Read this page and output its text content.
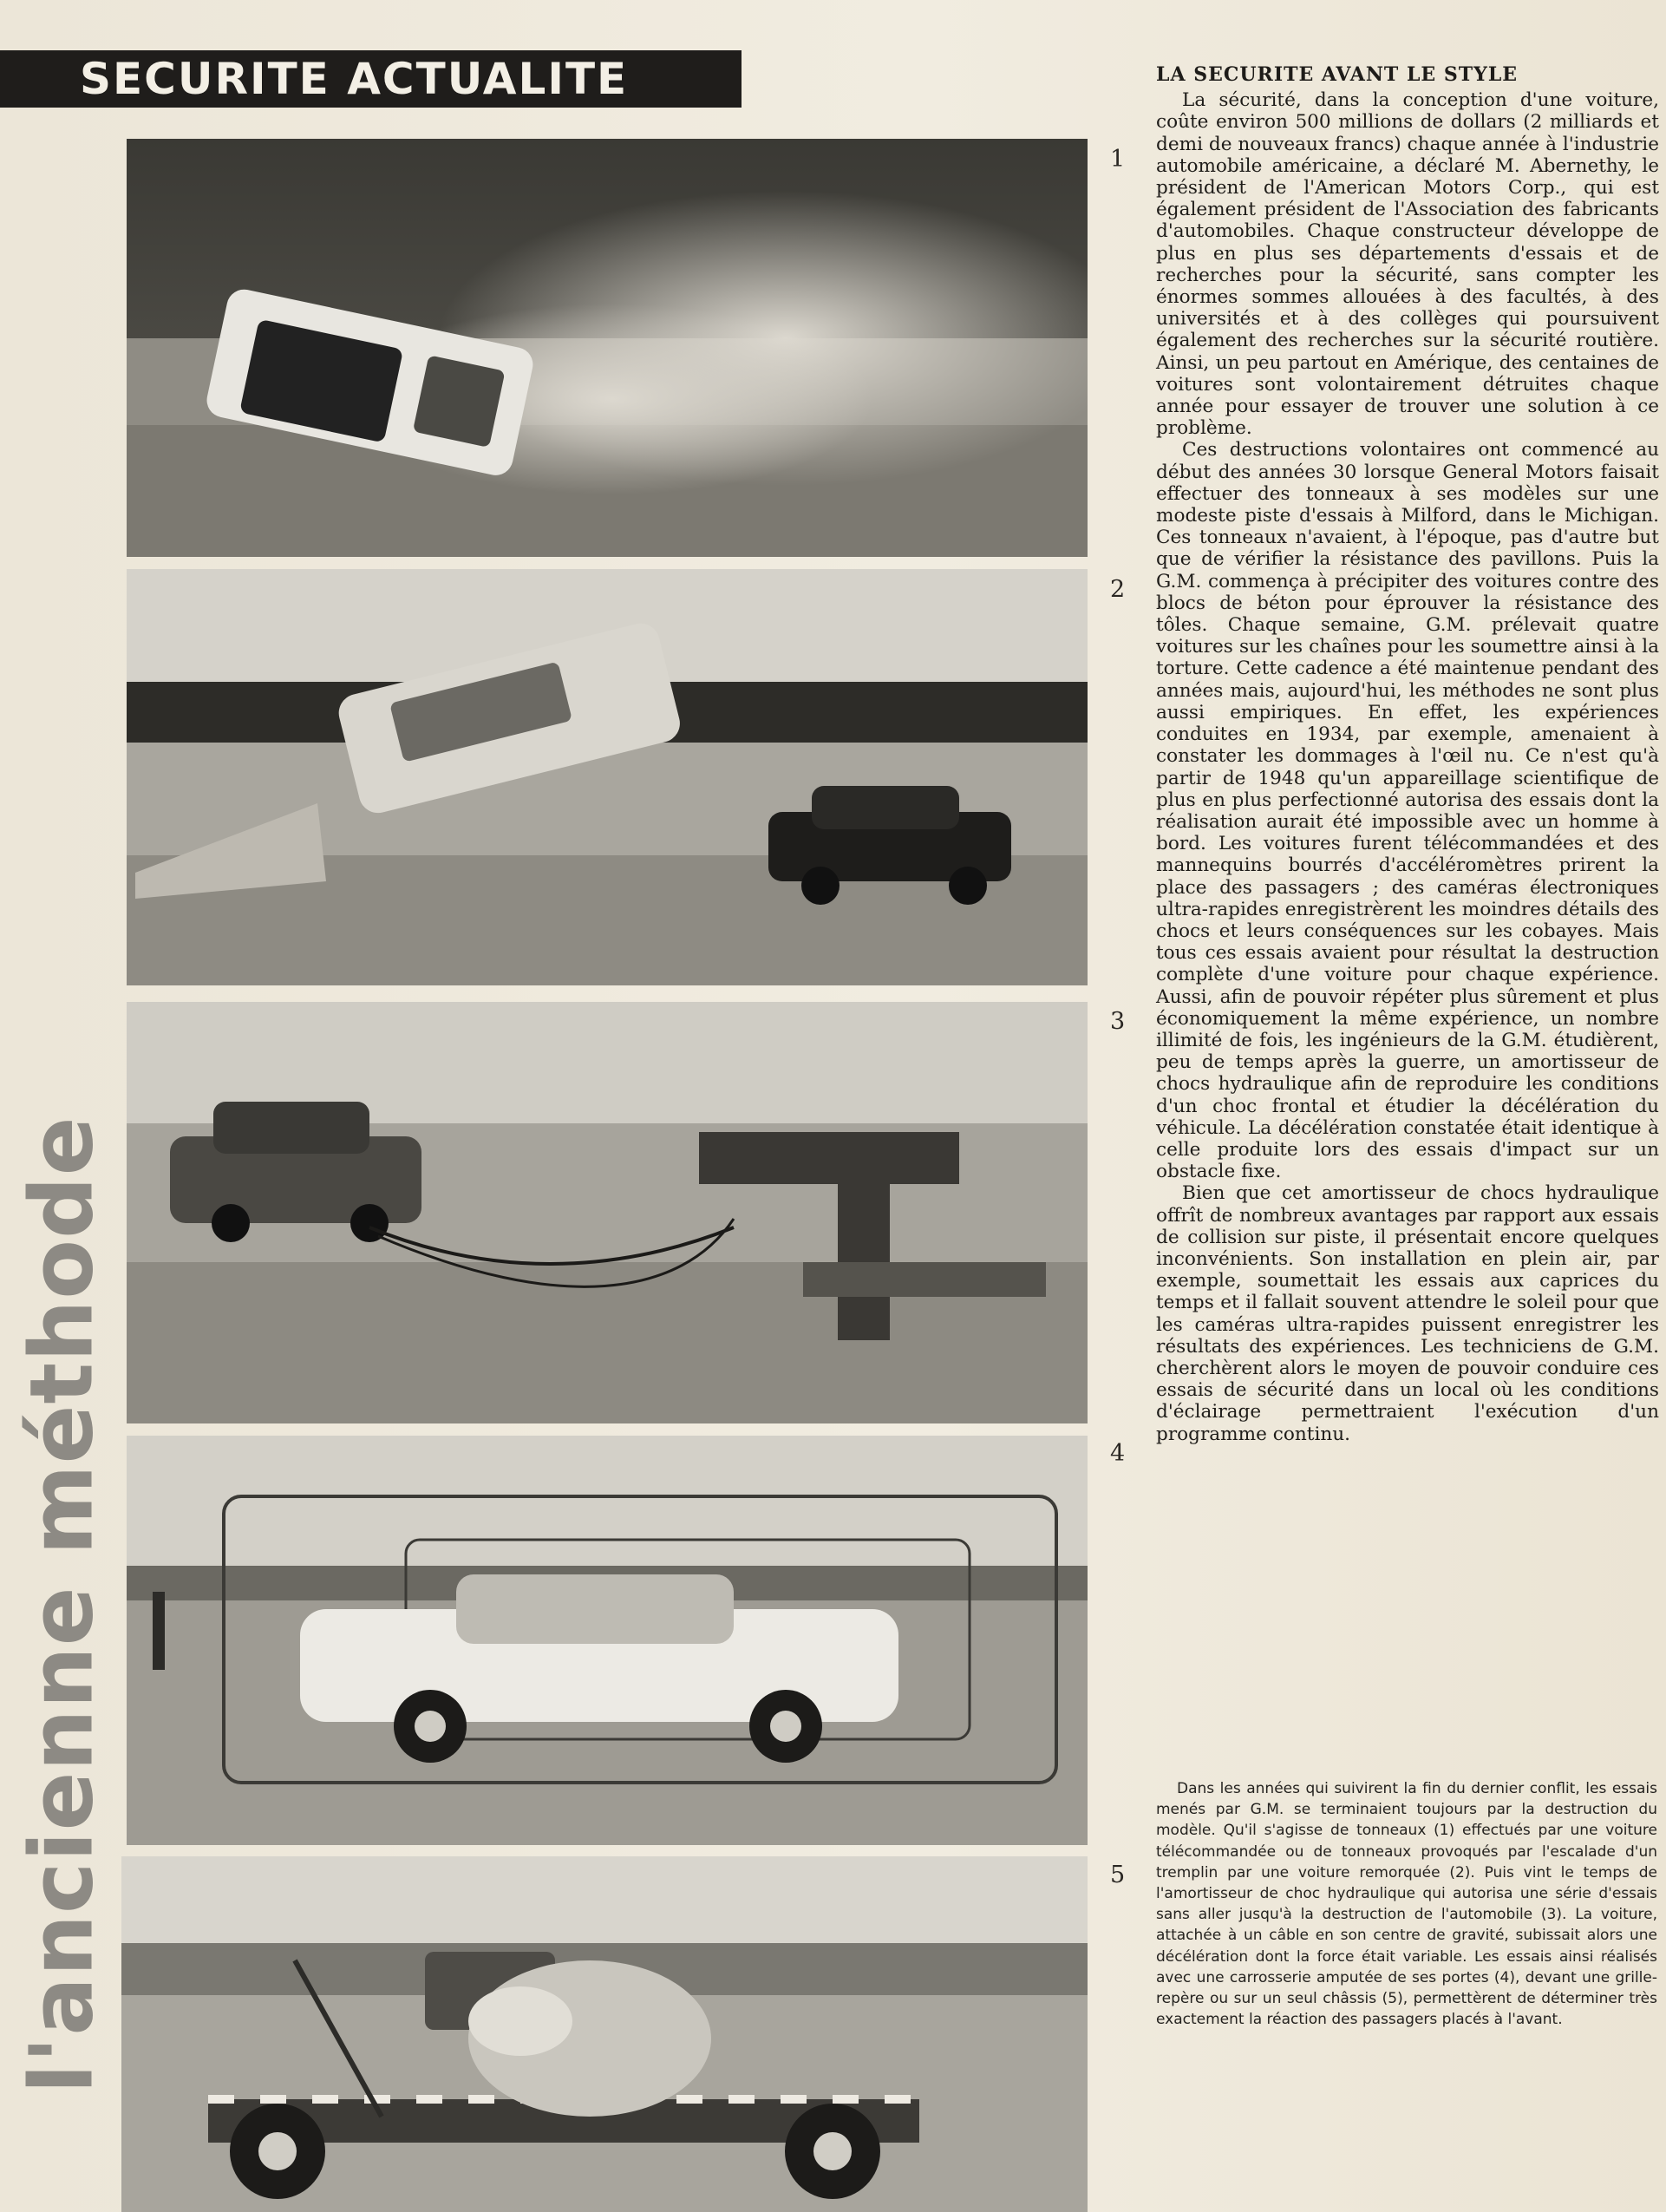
SECURITE ACTUALITE
l'ancienne méthode
1
2
3
4
5
LA SECURITE AVANT LE STYLE

La sécurité, dans la conception d'une voiture, coûte environ 500 millions de dollars (2 milliards et demi de nouveaux francs) chaque année à l'industrie automobile américaine, a déclaré M. Abernethy, le président de l'American Motors Corp., qui est également président de l'Association des fabricants d'automobiles. Chaque constructeur développe de plus en plus ses départements d'essais et de recherches pour la sécurité, sans compter les énormes sommes allouées à des facultés, à des universités et à des collèges qui poursuivent également des recherches sur la sécurité routière. Ainsi, un peu partout en Amérique, des centaines de voitures sont volontairement détruites chaque année pour essayer de trouver une solution à ce problème.

Ces destructions volontaires ont commencé au début des années 30 lorsque General Motors faisait effectuer des tonneaux à ses modèles sur une modeste piste d'essais à Milford, dans le Michigan. Ces tonneaux n'avaient, à l'époque, pas d'autre but que de vérifier la résistance des pavillons. Puis la G.M. commença à précipiter des voitures contre des blocs de béton pour éprouver la résistance des tôles. Chaque semaine, G.M. prélevait quatre voitures sur les chaînes pour les soumettre ainsi à la torture. Cette cadence a été maintenue pendant des années mais, aujourd'hui, les méthodes ne sont plus aussi empiriques. En effet, les expériences conduites en 1934, par exemple, amenaient à constater les dommages à l'œil nu. Ce n'est qu'à partir de 1948 qu'un appareillage scientifique de plus en plus perfectionné autorisa des essais dont la réalisation aurait été impossible avec un homme à bord. Les voitures furent télécommandées et des mannequins bourrés d'accéléromètres prirent la place des passagers ; des caméras électroniques ultra-rapides enregistrèrent les moindres détails des chocs et leurs conséquences sur les cobayes. Mais tous ces essais avaient pour résultat la destruction complète d'une voiture pour chaque expérience. Aussi, afin de pouvoir répéter plus sûrement et plus économiquement la même expérience, un nombre illimité de fois, les ingénieurs de la G.M. étudièrent, peu de temps après la guerre, un amortisseur de chocs hydraulique afin de reproduire les conditions d'un choc frontal et étudier la décélération du véhicule. La décélération constatée était identique à celle produite lors des essais d'impact sur un obstacle fixe.

Bien que cet amortisseur de chocs hydraulique offrît de nombreux avantages par rapport aux essais de collision sur piste, il présentait encore quelques inconvénients. Son installation en plein air, par exemple, soumettait les essais aux caprices du temps et il fallait souvent attendre le soleil pour que les caméras ultra-rapides puissent enregistrer les résultats des expériences. Les techniciens de G.M. cherchèrent alors le moyen de pouvoir conduire ces essais de sécurité dans un local où les conditions d'éclairage permettraient l'exécution d'un programme continu.

Dans les années qui suivirent la fin du dernier conflit, les essais menés par G.M. se terminaient toujours par la destruction du modèle. Qu'il s'agisse de tonneaux (1) effectués par une voiture télécommandée ou de tonneaux provoqués par l'escalade d'un tremplin par une voiture remorquée (2). Puis vint le temps de l'amortisseur de choc hydraulique qui autorisa une série d'essais sans aller jusqu'à la destruction de l'automobile (3). La voiture, attachée à un câble en son centre de gravité, subissait alors une décélération dont la force était variable. Les essais ainsi réalisés avec une carrosserie amputée de ses portes (4), devant une grille-repère ou sur un seul châssis (5), permettèrent de déterminer très exactement la réaction des passagers placés à l'avant.
